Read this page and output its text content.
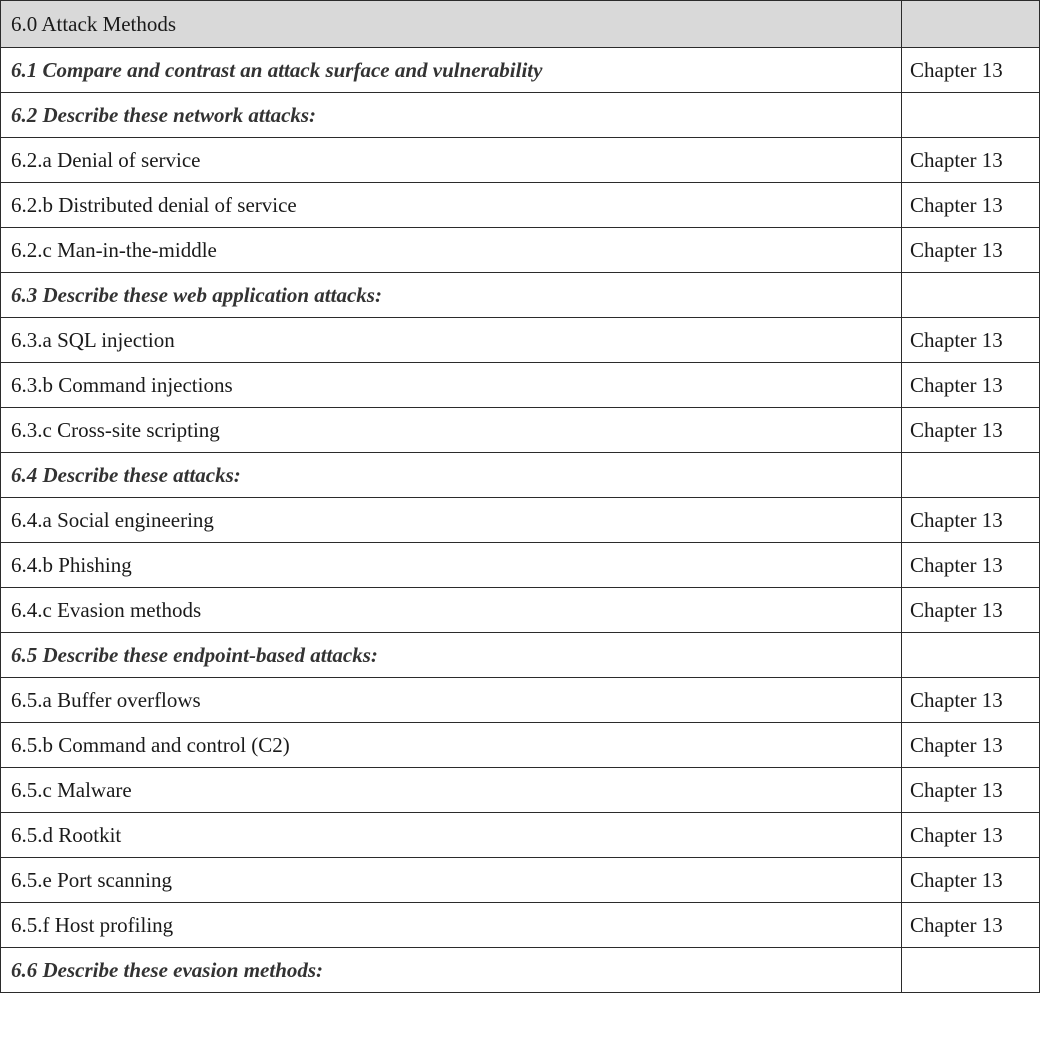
6.0 Attack Methods	
6.1 Compare and contrast an attack surface and vulnerability	Chapter 13
6.2 Describe these network attacks:	
6.2.a Denial of service	Chapter 13
6.2.b Distributed denial of service	Chapter 13
6.2.c Man-in-the-middle	Chapter 13
6.3 Describe these web application attacks:	
6.3.a SQL injection	Chapter 13
6.3.b Command injections	Chapter 13
6.3.c Cross-site scripting	Chapter 13
6.4 Describe these attacks:	
6.4.a Social engineering	Chapter 13
6.4.b Phishing	Chapter 13
6.4.c Evasion methods	Chapter 13
6.5 Describe these endpoint-based attacks:	
6.5.a Buffer overflows	Chapter 13
6.5.b Command and control (C2)	Chapter 13
6.5.c Malware	Chapter 13
6.5.d Rootkit	Chapter 13
6.5.e Port scanning	Chapter 13
6.5.f Host profiling	Chapter 13
6.6 Describe these evasion methods:	
